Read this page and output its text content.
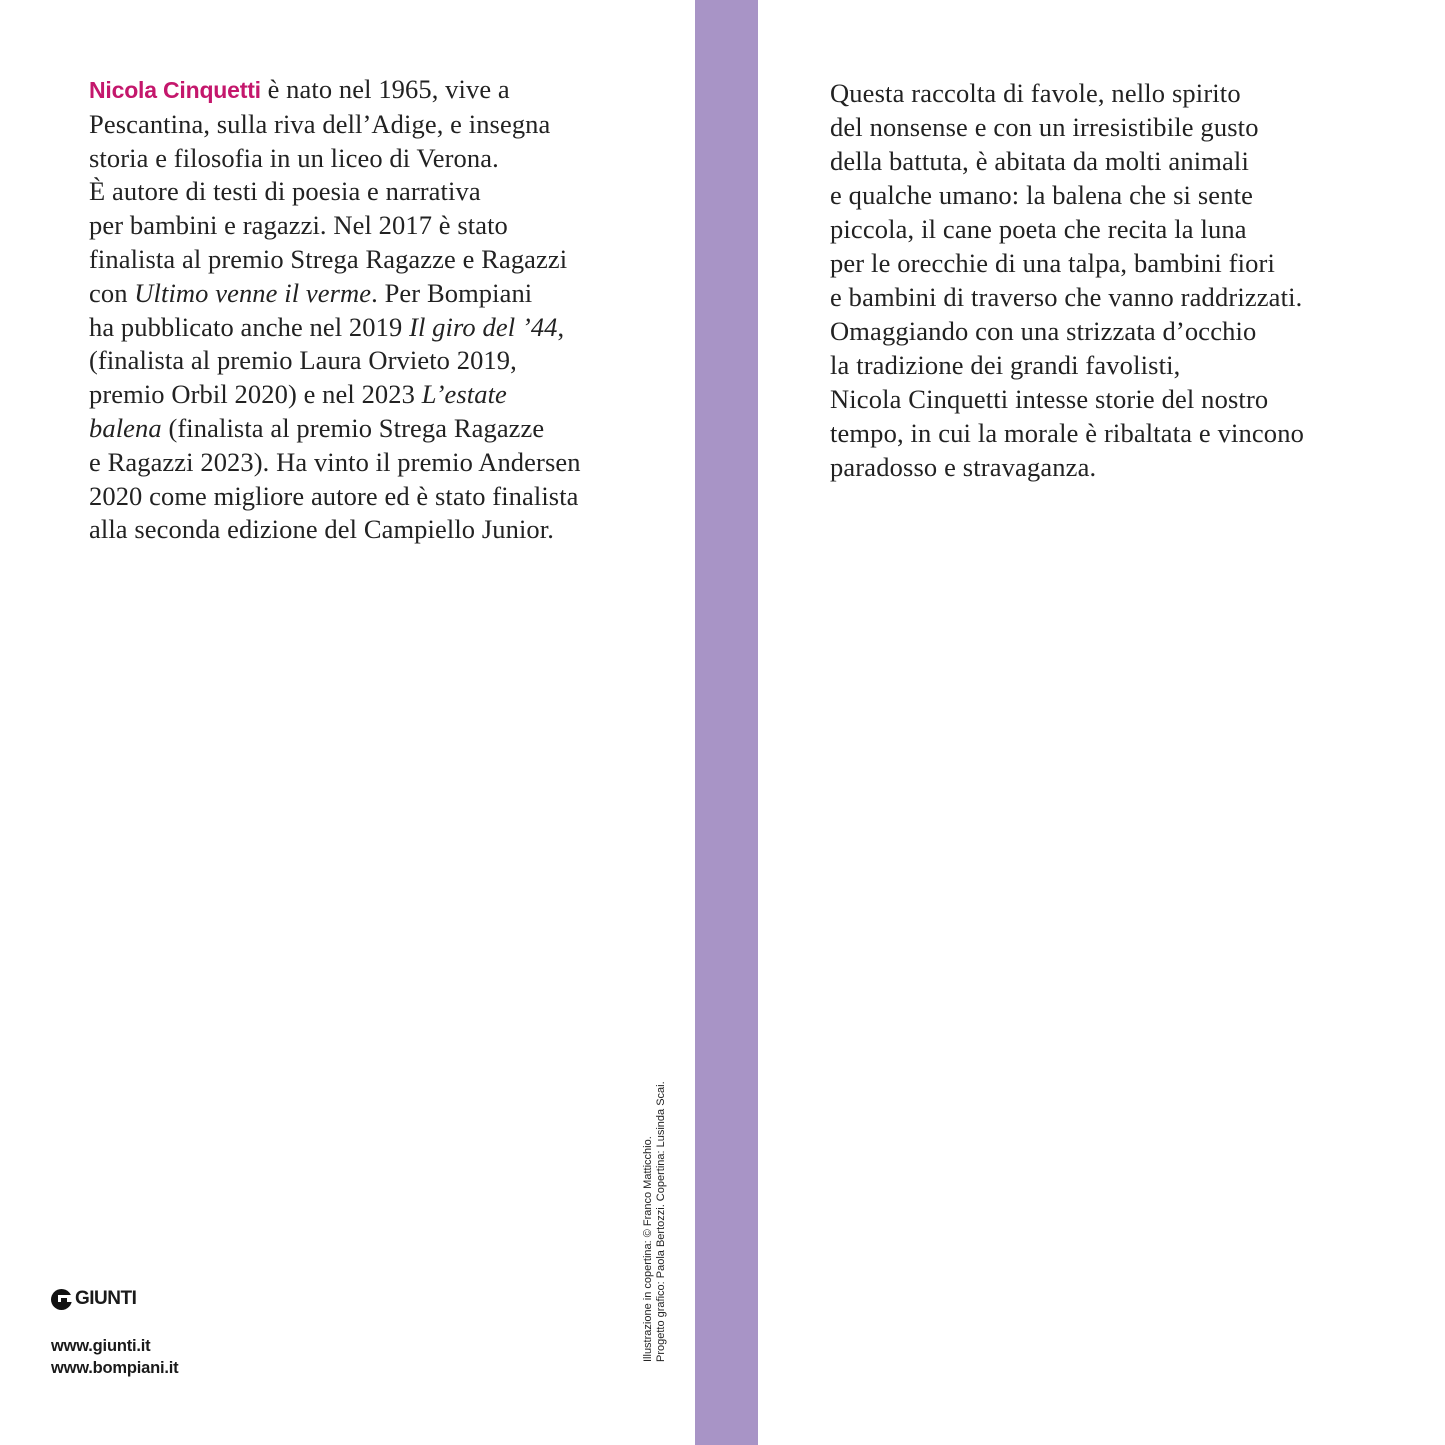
Nicola Cinquetti è nato nel 1965, vive a
Pescantina, sulla riva dell’Adige, e insegna
storia e filosofia in un liceo di Verona.
È autore di testi di poesia e narrativa
per bambini e ragazzi. Nel 2017 è stato
finalista al premio Strega Ragazze e Ragazzi
con Ultimo venne il verme. Per Bompiani
ha pubblicato anche nel 2019 Il giro del ’44,
(finalista al premio Laura Orvieto 2019,
premio Orbil 2020) e nel 2023 L’estate
balena (finalista al premio Strega Ragazze
e Ragazzi 2023). Ha vinto il premio Andersen
2020 come migliore autore ed è stato finalista
alla seconda edizione del Campiello Junior.
Questa raccolta di favole, nello spirito
del nonsense e con un irresistibile gusto
della battuta, è abitata da molti animali
e qualche umano: la balena che si sente
piccola, il cane poeta che recita la luna
per le orecchie di una talpa, bambini fiori
e bambini di traverso che vanno raddrizzati.
Omaggiando con una strizzata d’occhio
la tradizione dei grandi favolisti,
Nicola Cinquetti intesse storie del nostro
tempo, in cui la morale è ribaltata e vincono
paradosso e stravaganza.
Illustrazione in copertina: © Franco Matticchio. Progetto grafico: Paola Bertozzi. Copertina: Lusinda Scai.
GIUNTI
www.giunti.it
www.bompiani.it
